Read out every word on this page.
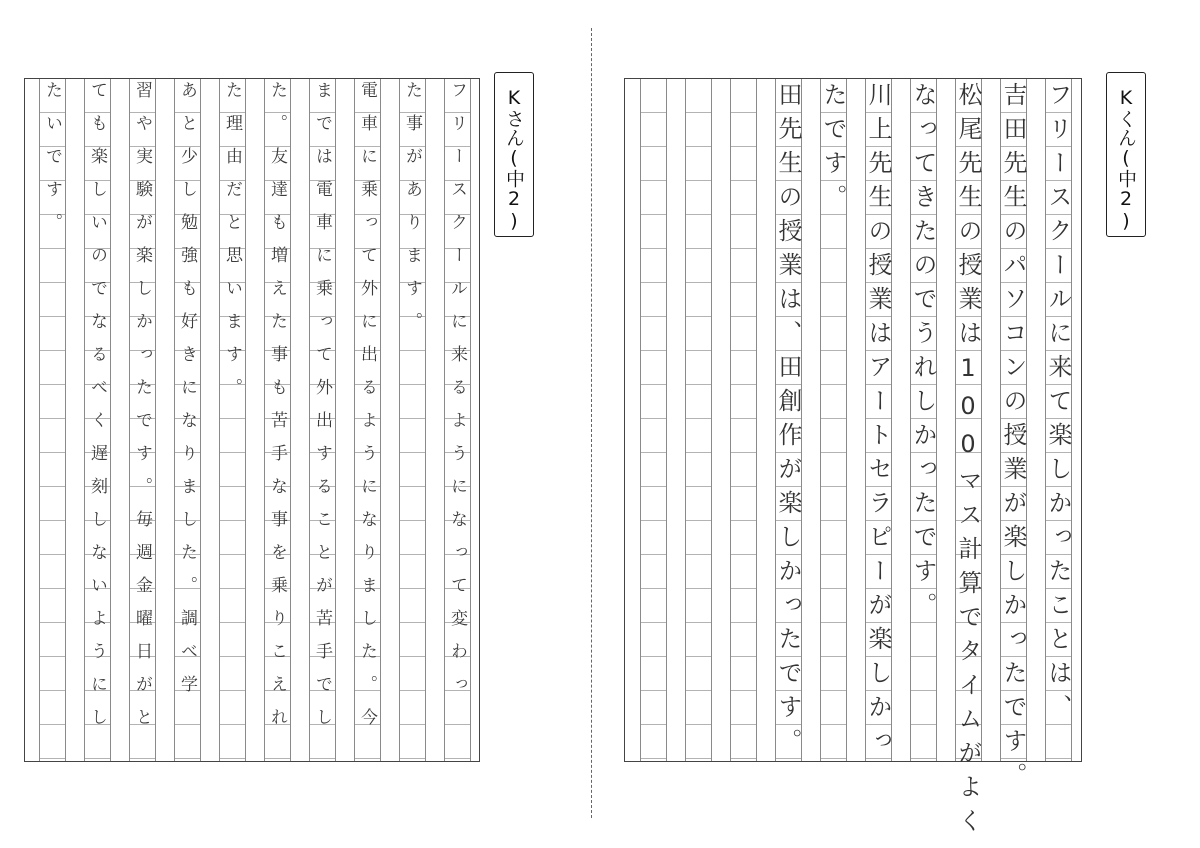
フリースクールに来るようになって変わっ
た事があります。
電車に乗って外に出るようになりました。今
までは電車に乗って外出することが苦手でし
た。友達も増えた事も苦手な事を乗りこえれ
た理由だと思います。
あと少し勉強も好きになりました。調べ学
習や実験が楽しかったです。毎週金曜日がと
ても楽しいのでなるべく遅刻しないようにし
たいです。	Kさん(中2)	フリースクールに来て楽しかったことは、
吉田先生のパソコンの授業が楽しかったです。
松尾先生の授業は100マス計算でタイムがよく
なってきたのでうれしかったです。
川上先生の授業はアートセラピーが楽しかっ
たです。
田先生の授業は、田創作が楽しかったです。	Kくん(中2)
